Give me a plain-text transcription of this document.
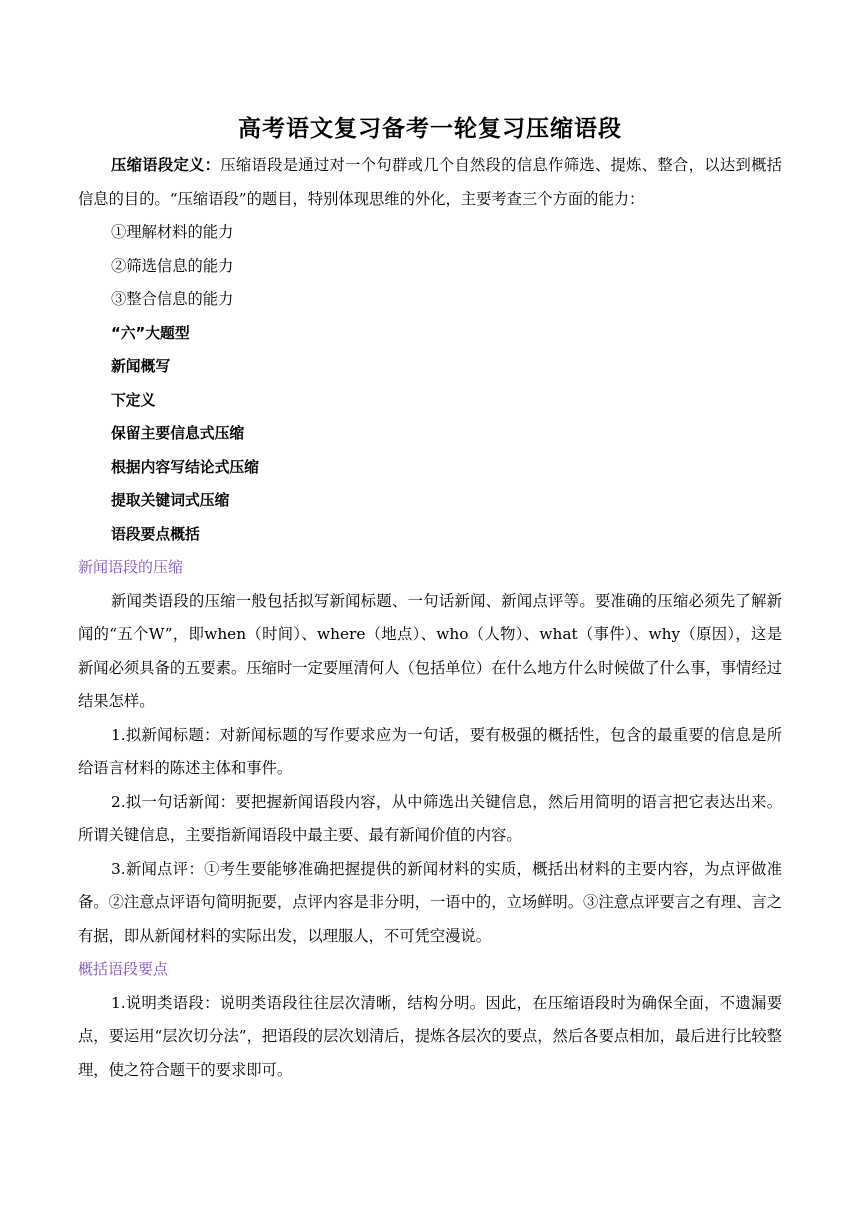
高考语文复习备考一轮复习压缩语段

压缩语段定义：压缩语段是通过对一个句群或几个自然段的信息作筛选、提炼、整合，以达到概括信息的目的。“压缩语段”的题目，特别体现思维的外化，主要考查三个方面的能力：

①理解材料的能力

②筛选信息的能力

③整合信息的能力

“六”大题型

新闻概写

下定义

保留主要信息式压缩

根据内容写结论式压缩

提取关键词式压缩

语段要点概括

新闻语段的压缩

新闻类语段的压缩一般包括拟写新闻标题、一句话新闻、新闻点评等。要准确的压缩必须先了解新闻的“五个W”，即when（时间）、where（地点）、who（人物）、what（事件）、why（原因），这是新闻必须具备的五要素。压缩时一定要厘清何人（包括单位）在什么地方什么时候做了什么事，事情经过结果怎样。

1.拟新闻标题：对新闻标题的写作要求应为一句话，要有极强的概括性，包含的最重要的信息是所给语言材料的陈述主体和事件。

2.拟一句话新闻：要把握新闻语段内容，从中筛选出关键信息，然后用简明的语言把它表达出来。所谓关键信息，主要指新闻语段中最主要、最有新闻价值的内容。

3.新闻点评：①考生要能够准确把握提供的新闻材料的实质，概括出材料的主要内容，为点评做准备。②注意点评语句简明扼要，点评内容是非分明，一语中的，立场鲜明。③注意点评要言之有理、言之有据，即从新闻材料的实际出发，以理服人，不可凭空漫说。

概括语段要点

1.说明类语段：说明类语段往往层次清晰，结构分明。因此，在压缩语段时为确保全面，不遗漏要点，要运用“层次切分法”，把语段的层次划清后，提炼各层次的要点，然后各要点相加，最后进行比较整理，使之符合题干的要求即可。
